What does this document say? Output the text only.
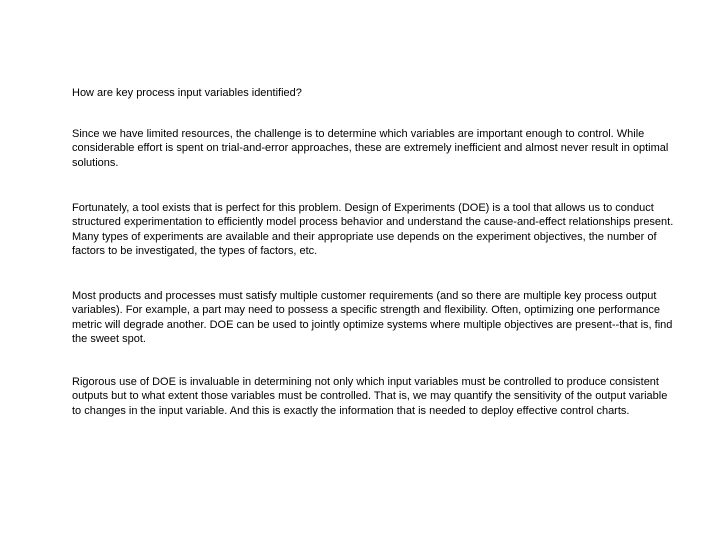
How are key process input variables identified?

Since we have limited resources, the challenge is to determine which variables are important enough to control. While considerable effort is spent on trial-and-error approaches, these are extremely inefficient and almost never result in optimal solutions.

Fortunately, a tool exists that is perfect for this problem. Design of Experiments (DOE) is a tool that allows us to conduct structured experimentation to efficiently model process behavior and understand the cause-and-effect relationships present. Many types of experiments are available and their appropriate use depends on the experiment objectives, the number of factors to be investigated, the types of factors, etc.

Most products and processes must satisfy multiple customer requirements (and so there are multiple key process output variables). For example, a part may need to possess a specific strength and flexibility. Often, optimizing one performance metric will degrade another. DOE can be used to jointly optimize systems where multiple objectives are present--that is, find the sweet spot.

Rigorous use of DOE is invaluable in determining not only which input variables must be controlled to produce consistent outputs but to what extent those variables must be controlled. That is, we may quantify the sensitivity of the output variable to changes in the input variable. And this is exactly the information that is needed to deploy effective control charts.
